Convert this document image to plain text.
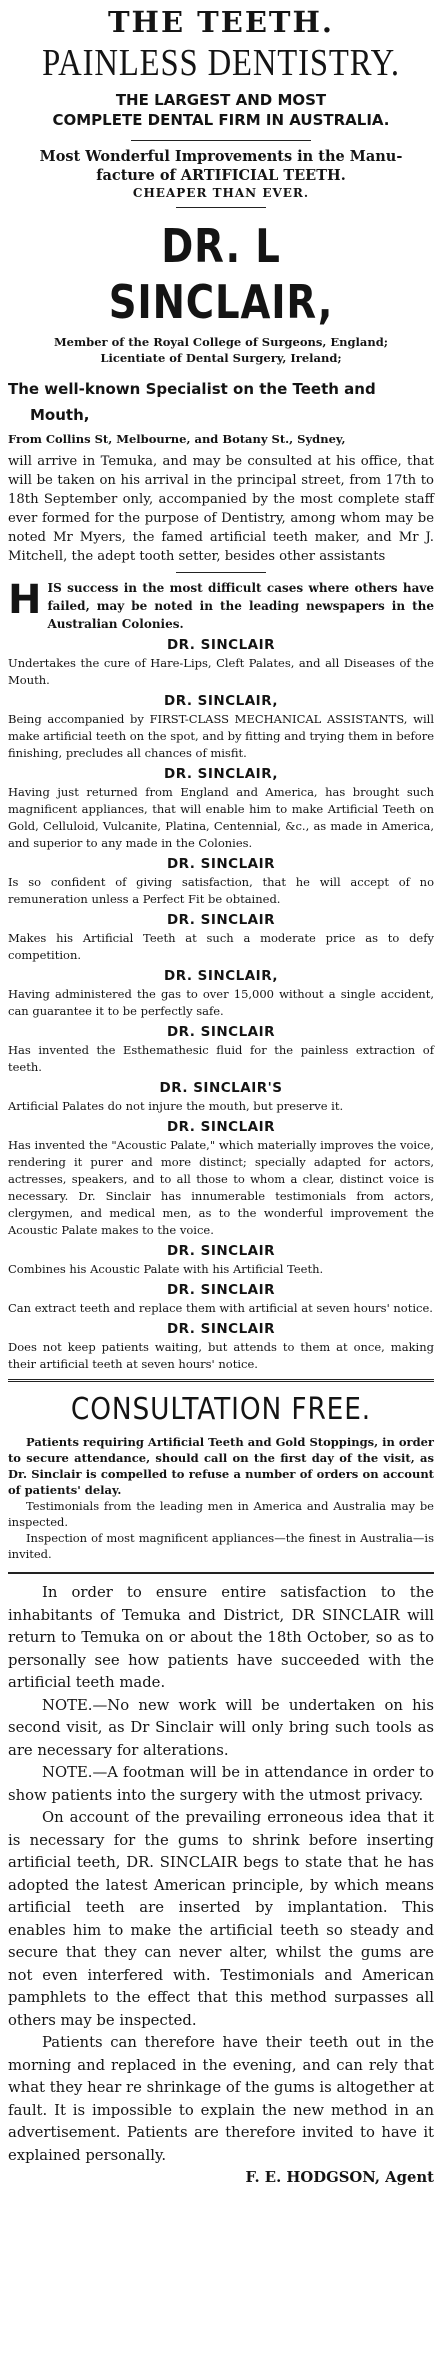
THE TEETH.
PAINLESS DENTISTRY.
THE LARGEST AND MOST
COMPLETE DENTAL FIRM IN AUSTRALIA.
Most Wonderful Improvements in the Manu-
facture of ARTIFICIAL TEETH.
CHEAPER THAN EVER.
DR. L SINCLAIR,
Member of the Royal College of Surgeons, England;
Licentiate of Dental Surgery, Ireland;
The well-known Specialist on the Teeth and
Mouth,
From Collins St, Melbourne, and Botany St., Sydney,

will arrive in Temuka, and may be consulted at his office, that will be taken on his arrival in the principal street, from 17th to 18th September only, accompanied by the most complete staff ever formed for the purpose of Dentistry, among whom may be noted Mr Myers, the famed artificial teeth maker, and Mr J. Mitchell, the adept tooth setter, besides other assistants

H IS success in the most difficult cases where others have failed, may be noted in the leading newspapers in the Australian Colonies.

DR. SINCLAIR

Undertakes the cure of Hare-Lips, Cleft Palates, and all Diseases of the Mouth.

DR. SINCLAIR,

Being accompanied by FIRST-CLASS MECHANICAL ASSISTANTS, will make artificial teeth on the spot, and by fitting and trying them in before finishing, precludes all chances of misfit.

DR. SINCLAIR,

Having just returned from England and America, has brought such magnificent appliances, that will enable him to make Artificial Teeth on Gold, Celluloid, Vulcanite, Platina, Centennial, &c., as made in America, and superior to any made in the Colonies.

DR. SINCLAIR

Is so confident of giving satisfaction, that he will accept of no remuneration unless a Perfect Fit be obtained.

DR. SINCLAIR

Makes his Artificial Teeth at such a moderate price as to defy competition.

DR. SINCLAIR,

Having administered the gas to over 15,000 without a single accident, can guarantee it to be perfectly safe.

DR. SINCLAIR

Has invented the Esthemathesic fluid for the painless extraction of teeth.

DR. SINCLAIR'S

Artificial Palates do not injure the mouth, but preserve it.

DR. SINCLAIR

Has invented the "Acoustic Palate," which materially improves the voice, rendering it purer and more distinct; specially adapted for actors, actresses, speakers, and to all those to whom a clear, distinct voice is necessary. Dr. Sinclair has innumerable testimonials from actors, clergymen, and medical men, as to the wonderful improvement the Acoustic Palate makes to the voice.

DR. SINCLAIR

Combines his Acoustic Palate with his Artificial Teeth.

DR. SINCLAIR

Can extract teeth and replace them with artificial at seven hours' notice.

DR. SINCLAIR

Does not keep patients waiting, but attends to them at once, making their artificial teeth at seven hours' notice.

CONSULTATION FREE.

Patients requiring Artificial Teeth and Gold Stoppings, in order to secure attendance, should call on the first day of the visit, as Dr. Sinclair is compelled to refuse a number of orders on account of patients' delay.

Testimonials from the leading men in America and Australia may be inspected.

Inspection of most magnificent appliances—the finest in Australia—is invited.

In order to ensure entire satisfaction to the inhabitants of Temuka and District, DR SINCLAIR will return to Temuka on or about the 18th October, so as to personally see how patients have succeeded with the artificial teeth made.

NOTE.—No new work will be undertaken on his second visit, as Dr Sinclair will only bring such tools as are necessary for alterations.

NOTE.—A footman will be in attendance in order to show patients into the surgery with the utmost privacy.

On account of the prevailing erroneous idea that it is necessary for the gums to shrink before inserting artificial teeth, DR. SINCLAIR begs to state that he has adopted the latest American principle, by which means artificial teeth are inserted by implantation. This enables him to make the artificial teeth so steady and secure that they can never alter, whilst the gums are not even interfered with. Testimonials and American pamphlets to the effect that this method surpasses all others may be inspected.

Patients can therefore have their teeth out in the morning and replaced in the evening, and can rely that what they hear re shrinkage of the gums is altogether at fault. It is impossible to explain the new method in an advertisement. Patients are therefore invited to have it explained personally.

F. E. HODGSON, Agent
